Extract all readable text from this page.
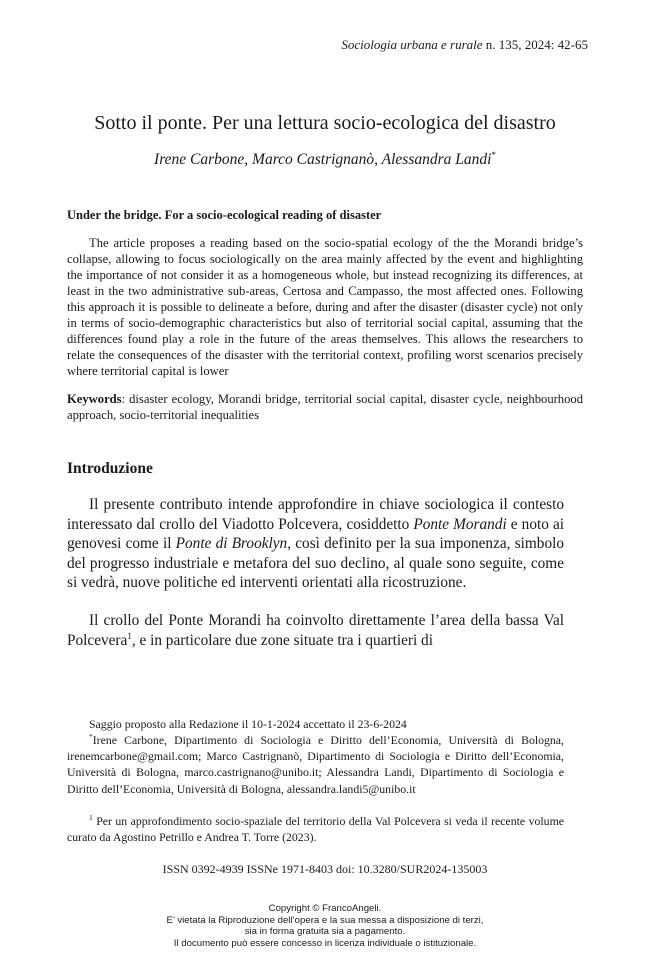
Sociologia urbana e rurale n. 135, 2024: 42-65
Sotto il ponte. Per una lettura socio-ecologica del disastro
Irene Carbone, Marco Castrignanò, Alessandra Landi*
Under the bridge. For a socio-ecological reading of disaster

The article proposes a reading based on the socio-spatial ecology of the the Morandi bridge’s collapse, allowing to focus sociologically on the area mainly affected by the event and highlighting the importance of not consider it as a homogeneous whole, but instead recognizing its differences, at least in the two administrative sub-areas, Certosa and Campasso, the most affected ones. Following this approach it is possible to delineate a before, during and after the disaster (disaster cycle) not only in terms of socio-demographic characteristics but also of territorial social capital, assuming that the differences found play a role in the future of the areas themselves. This allows the researchers to relate the consequences of the disaster with the territorial context, profiling worst scenarios precisely where territorial capital is lower

Keywords: disaster ecology, Morandi bridge, territorial social capital, disaster cycle, neighbourhood approach, socio-territorial inequalities

Introduzione

Il presente contributo intende approfondire in chiave sociologica il contesto interessato dal crollo del Viadotto Polcevera, cosiddetto Ponte Morandi e noto ai genovesi come il Ponte di Brooklyn, così definito per la sua imponenza, simbolo del progresso industriale e metafora del suo declino, al quale sono seguite, come si vedrà, nuove politiche ed interventi orientati alla ricostruzione.

Il crollo del Ponte Morandi ha coinvolto direttamente l’area della bassa Val Polcevera$^1$, e in particolare due zone situate tra i quartieri di

Saggio proposto alla Redazione il 10-1-2024 accettato il 23-6-2024

*Irene Carbone, Dipartimento di Sociologia e Diritto dell’Economia, Università di Bologna, irenemcarbone@gmail.com; Marco Castrignanò, Dipartimento di Sociologia e Diritto dell’Economia, Università di Bologna, marco.castrignano@unibo.it; Alessandra Landi, Dipartimento di Sociologia e Diritto dell’Economia, Università di Bologna, alessandra.landi5@unibo.it

$^1$ Per un approfondimento socio-spaziale del territorio della Val Polcevera si veda il recente volume curato da Agostino Petrillo e Andrea T. Torre (2023).

ISSN 0392-4939 ISSNe 1971-8403 doi: 10.3280/SUR2024-135003
Copyright © FrancoAngeli.
E’ vietata la Riproduzione dell’opera e la sua messa a disposizione di terzi,
sia in forma gratuita sia a pagamento.
Il documento può essere concesso in licenza individuale o istituzionale.
